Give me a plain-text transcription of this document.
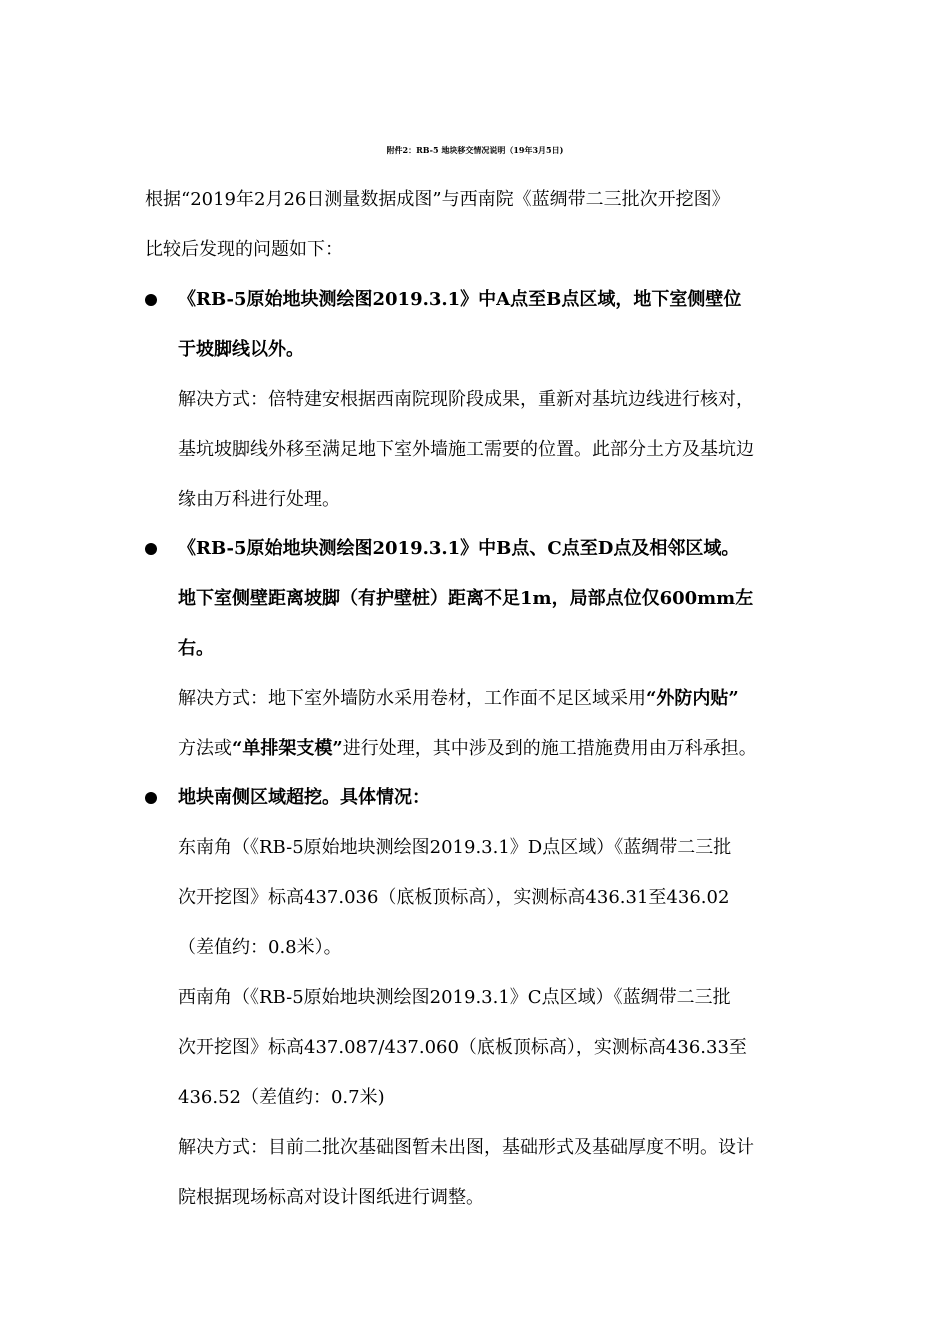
附件2：RB-5 地块移交情况说明（19年3月5日)
根据“2019年2月26日测量数据成图”与西南院《蓝绸带二三批次开挖图》
比较后发现的问题如下：
《RB-5原始地块测绘图2019.3.1》中A点至B点区域，地下室侧壁位
于坡脚线以外。
解决方式：倍特建安根据西南院现阶段成果，重新对基坑边线进行核对，
基坑坡脚线外移至满足地下室外墙施工需要的位置。此部分土方及基坑边
缘由万科进行处理。
《RB-5原始地块测绘图2019.3.1》中B点、C点至D点及相邻区域。
地下室侧壁距离坡脚（有护壁桩）距离不足1m，局部点位仅600mm左
右。
解决方式：地下室外墙防水采用卷材，工作面不足区域采用“外防内贴”
方法或“单排架支模”进行处理，其中涉及到的施工措施费用由万科承担。
地块南侧区域超挖。具体情况：
东南角（《RB-5原始地块测绘图2019.3.1》D点区域）《蓝绸带二三批
次开挖图》标高437.036（底板顶标高），实测标高436.31至436.02
（差值约：0.8米）。
西南角（《RB-5原始地块测绘图2019.3.1》C点区域）《蓝绸带二三批
次开挖图》标高437.087/437.060（底板顶标高），实测标高436.33至
436.52（差值约：0.7米)
解决方式：目前二批次基础图暂未出图，基础形式及基础厚度不明。设计
院根据现场标高对设计图纸进行调整。
